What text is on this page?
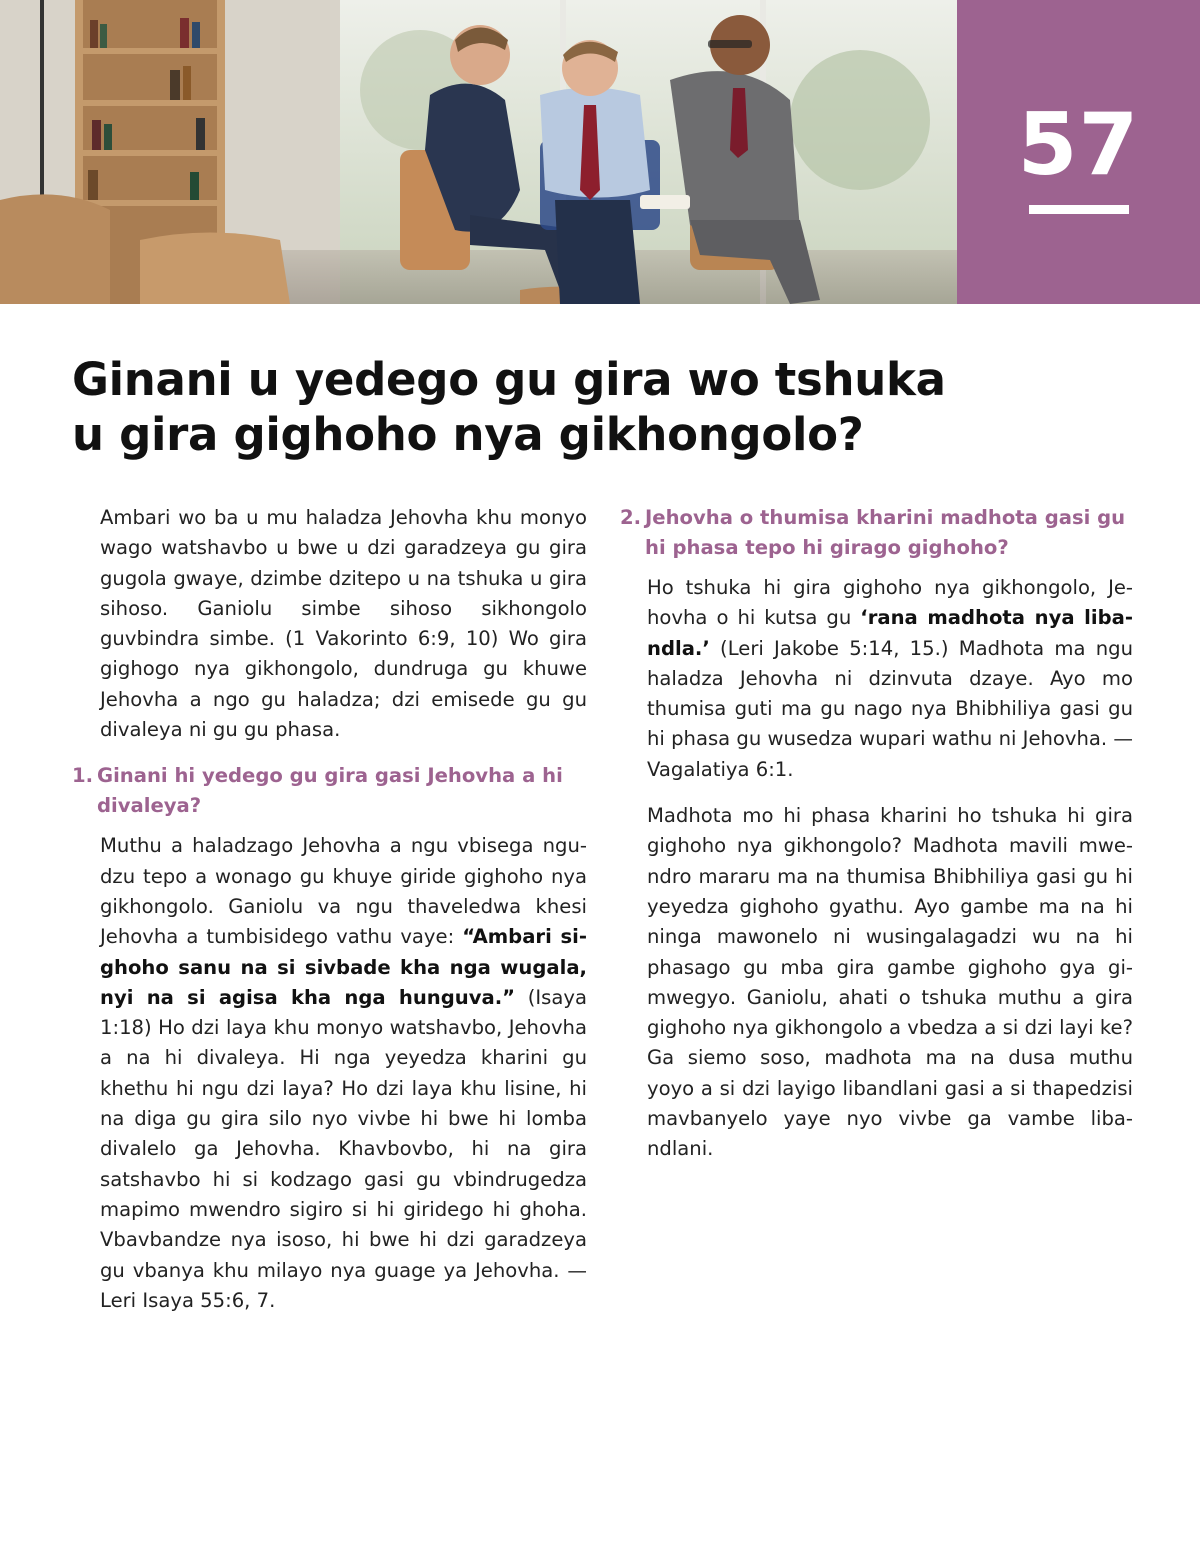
57
Ginani u yedego gu gira wo tshuka
u gira gighoho nya gikhongolo?

Ambari wo ba u mu haladza Jehovha khu monyo wago watshavbo u bwe u dzi garadzeya gu gira gugola gwaye, dzimbe dzitepo u na tshuka u gira sihoso. Ganiolu simbe sihoso sikhongolo guvbindra simbe. (1 Vakorinto 6:9, 10) Wo gira gighogo nya gikhongolo, dundruga gu khuwe Jehovha a ngo gu haladza; dzi emisede gu gu divaleya ni gu gu phasa.

1. Ginani hi yedego gu gira gasi Jehovha a hi divaleya?

Muthu a haladzago Jehovha a ngu vbisega ngudzu tepo a wonago gu khuye giride gighoho nya gikhongolo. Ganiolu va ngu thaveledwa khesi Jehovha a tumbisidego vathu vaye: “Ambari sighoho sanu na si sivbade kha nga wugala, nyi na si agisa kha nga hunguva.” (Isaya 1:18) Ho dzi laya khu monyo watshavbo, Jehovha a na hi divaleya. Hi nga yeyedza kharini gu khethu hi ngu dzi laya? Ho dzi laya khu lisine, hi na diga gu gira silo nyo vivbe hi bwe hi lomba divalelo ga Jehovha. Khavbovbo, hi na gira satshavbo hi si kodzago gasi gu vbindrugedza mapimo mwendro sigiro si hi giridego hi ghoha. Vbavbandze nya isoso, hi bwe hi dzi garadzeya gu vbanya khu milayo nya guage ya Jehovha. — Leri Isaya 55:6, 7.

2. Jehovha o thumisa kharini madhota gasi gu hi phasa tepo hi girago gighoho?

Ho tshuka hi gira gighoho nya gikhongolo, Jehovha o hi kutsa gu ‘rana madhota nya libandla.’ (Leri Jakobe 5:14, 15.) Madhota ma ngu haladza Jehovha ni dzinvuta dzaye. Ayo mo thumisa guti ma gu nago nya Bhibhiliya gasi gu hi phasa gu wusedza wupari wathu ni Jehovha. — Vagalatiya 6:1.

Madhota mo hi phasa kharini ho tshuka hi gira gighoho nya gikhongolo? Madhota mavili mwendro mararu ma na thumisa Bhibhiliya gasi gu hi yeyedza gighoho gyathu. Ayo gambe ma na hi ninga mawonelo ni wusingalagadzi wu na hi phasago gu mba gira gambe gighoho gya gimwegyo. Ganiolu, ahati o tshuka muthu a gira gighoho nya gikhongolo a vbedza a si dzi layi ke? Ga siemo soso, madhota ma na dusa muthu yoyo a si dzi layigo libandlani gasi a si thapedzisi mavbanyelo yaye nyo vivbe ga vambe libandlani.
